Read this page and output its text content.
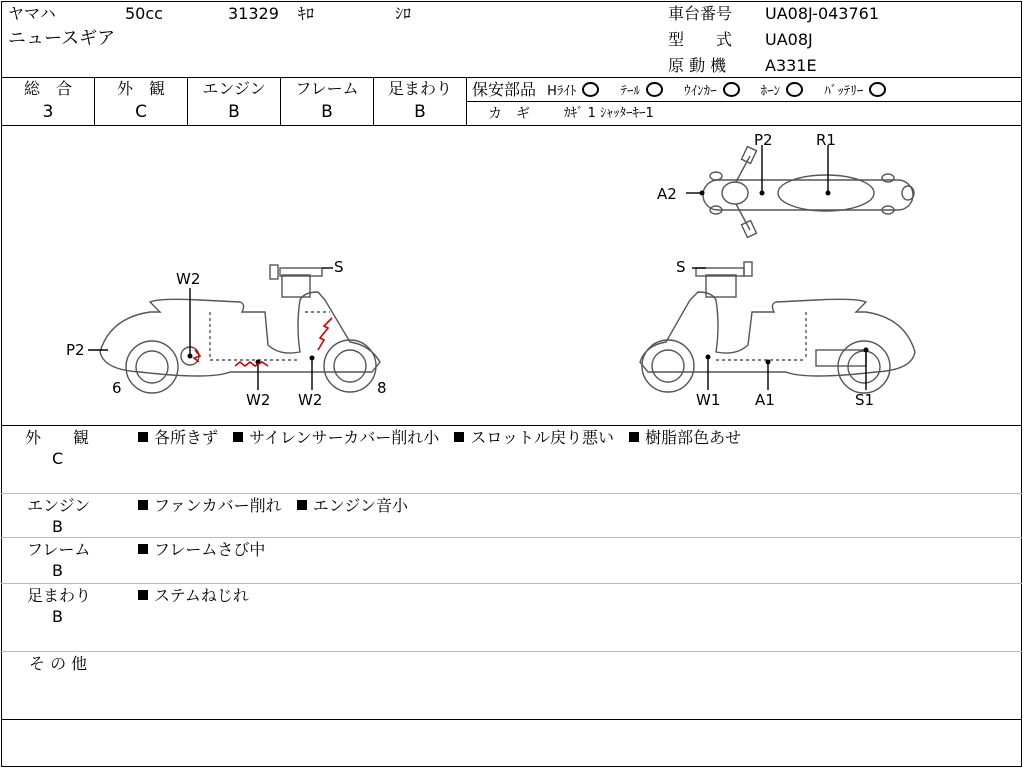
ヤマハ	50cc	31329 ｷﾛ	ｼﾛ
ニュースギア
車台番号 UA08J-043761
型　　式 UA08J
原 動 機 A331E
総　合	外　観	エンジン	フレーム	足まわり
3	C	B	B	B
保安部品 Hﾗｲﾄ	ﾃｰﾙ	ｳｲﾝｶｰ	ﾎｰﾝ	ﾊﾞｯﾃﾘｰ
カ　ギ	ｶｷﾞ 1 ｼｬｯﾀｰｷｰ1
P2	R1
A2
S
W2
P2
6
W2 W2
8
S
W1 A1	S1
外　　観
C
各所きず サイレンサーカバー削れ小 スロットル戻り悪い 樹脂部色あせ
エンジン
B
ファンカバー削れ エンジン音小
フレーム
B
フレームさび中
足まわり
B
ステムねじれ
そ の 他
